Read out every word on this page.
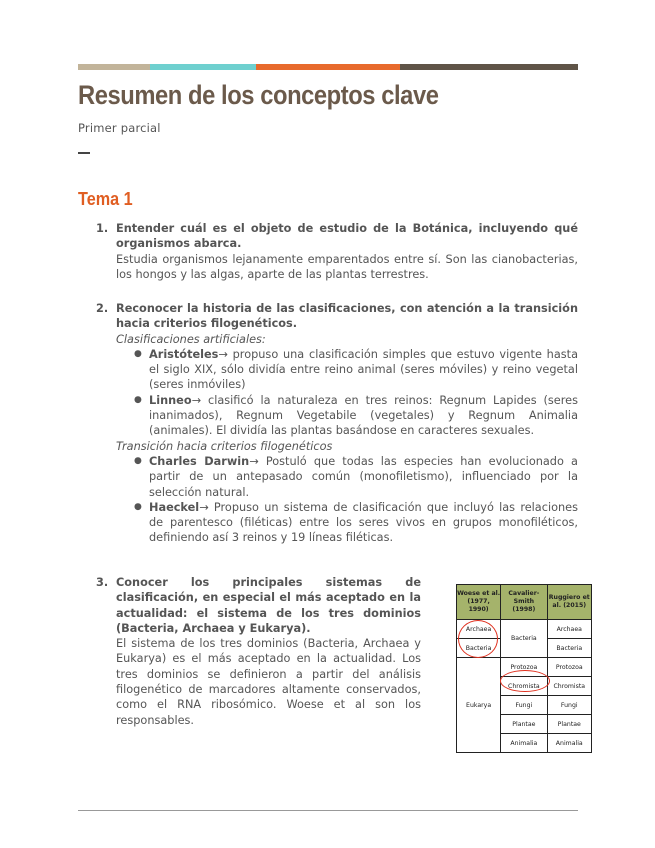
Resumen de los conceptos clave
Primer parcial
Tema 1
1. Entender cuál es el objeto de estudio de la Botánica, incluyendo qué organismos abarca.
Estudia organismos lejanamente emparentados entre sí. Son las cianobacterias, los hongos y las algas, aparte de las plantas terrestres.
2. Reconocer la historia de las clasificaciones, con atención a la transición hacia criterios filogenéticos.
Clasificaciones artificiales:
● Aristóteles→ propuso una clasificación simples que estuvo vigente hasta el siglo XIX, sólo dividía entre reino animal (seres móviles) y reino vegetal (seres inmóviles)
● Linneo→ clasificó la naturaleza en tres reinos: Regnum Lapides (seres inanimados), Regnum Vegetabile (vegetales) y Regnum Animalia (animales). El dividía las plantas basándose en caracteres sexuales.
Transición hacia criterios filogenéticos
● Charles Darwin→ Postuló que todas las especies han evolucionado a partir de un antepasado común (monofiletismo), influenciado por la selección natural.
● Haeckel→ Propuso un sistema de clasificación que incluyó las relaciones de parentesco (filéticas) entre los seres vivos en grupos monofiléticos, definiendo así 3 reinos y 19 líneas filéticas.
3. Conocer los principales sistemas de clasificación, en especial el más aceptado en la actualidad: el sistema de los tres dominios (Bacteria, Archaea y Eukarya).
El sistema de los tres dominios (Bacteria, Archaea y Eukarya) es el más aceptado en la actualidad. Los tres dominios se definieron a partir del análisis filogenético de marcadores altamente conservados, como el RNA ribosómico. Woese et al son los responsables.
Woese et al. (1977, 1990)	Cavalier-Smith (1998)	Ruggiero et al. (2015)
Archaea	Bacteria	Archaea
Bacteria		Bacteria
Eukarya	Protozoa	Protozoa
	Chromista	Chromista
	Fungi	Fungi
	Plantae	Plantae
	Animalia	Animalia
